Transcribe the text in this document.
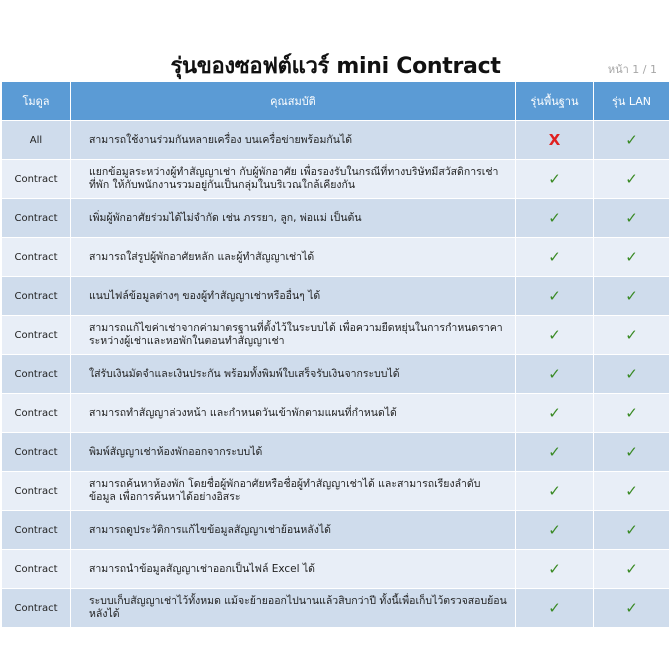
รุ่นของซอฟต์แวร์ mini Contract	หน้า 1 / 1
โมดูล	คุณสมบัติ	รุ่นพื้นฐาน	รุ่น LAN
All	สามารถใช้งานร่วมกันหลายเครื่อง บนเครื่อข่ายพร้อมกันได้	X	✓
Contract	แยกข้อมูลระหว่างผู้ทำสัญญาเช่า กับผู้พักอาศัย เพื่อรองรับในกรณีที่ทางบริษัทมีสวัสดิการเช่าที่พัก ให้กับพนักงานรวมอยู่กันเป็นกลุ่มในบริเวณใกล้เคียงกัน	✓	✓
Contract	เพิ่มผู้พักอาศัยร่วมได้ไม่จำกัด เช่น ภรรยา, ลูก, พ่อแม่ เป็นต้น	✓	✓
Contract	สามารถใส่รูปผู้พักอาศัยหลัก และผู้ทำสัญญาเช่าได้	✓	✓
Contract	แนบไฟล์ข้อมูลต่างๆ ของผู้ทำสัญญาเช่าหรืออื่นๆ ได้	✓	✓
Contract	สามารถแก้ไขค่าเช่าจากค่ามาตรฐานที่ตั้งไว้ในระบบได้ เพื่อความยืดหยุ่นในการกำหนดราคาระหว่างผู้เช่าและหอพักในตอนทำสัญญาเช่า	✓	✓
Contract	ใส่รับเงินมัดจำและเงินประกัน พร้อมทั้งพิมพ์ใบเสร็จรับเงินจากระบบได้	✓	✓
Contract	สามารถทำสัญญาล่วงหน้า และกำหนดวันเข้าพักตามแผนที่กำหนดได้	✓	✓
Contract	พิมพ์สัญญาเช่าห้องพักออกจากระบบได้	✓	✓
Contract	สามารถค้นหาห้องพัก โดยชื่อผู้พักอาศัยหรือชื่อผู้ทำสัญญาเช่าได้ และสามารถเรียงลำดับข้อมูล เพื่อการค้นหาได้อย่างอิสระ	✓	✓
Contract	สามารถดูประวัติการแก้ไขข้อมูลสัญญาเช่าย้อนหลังได้	✓	✓
Contract	สามารถนำข้อมูลสัญญาเช่าออกเป็นไฟล์ Excel ได้	✓	✓
Contract	ระบบเก็บสัญญาเช่าไว้ทั้งหมด แม้จะย้ายออกไปนานแล้วสิบกว่าปี ทั้งนี้เพื่อเก็บไว้ตรวจสอบย้อนหลังได้	✓	✓
